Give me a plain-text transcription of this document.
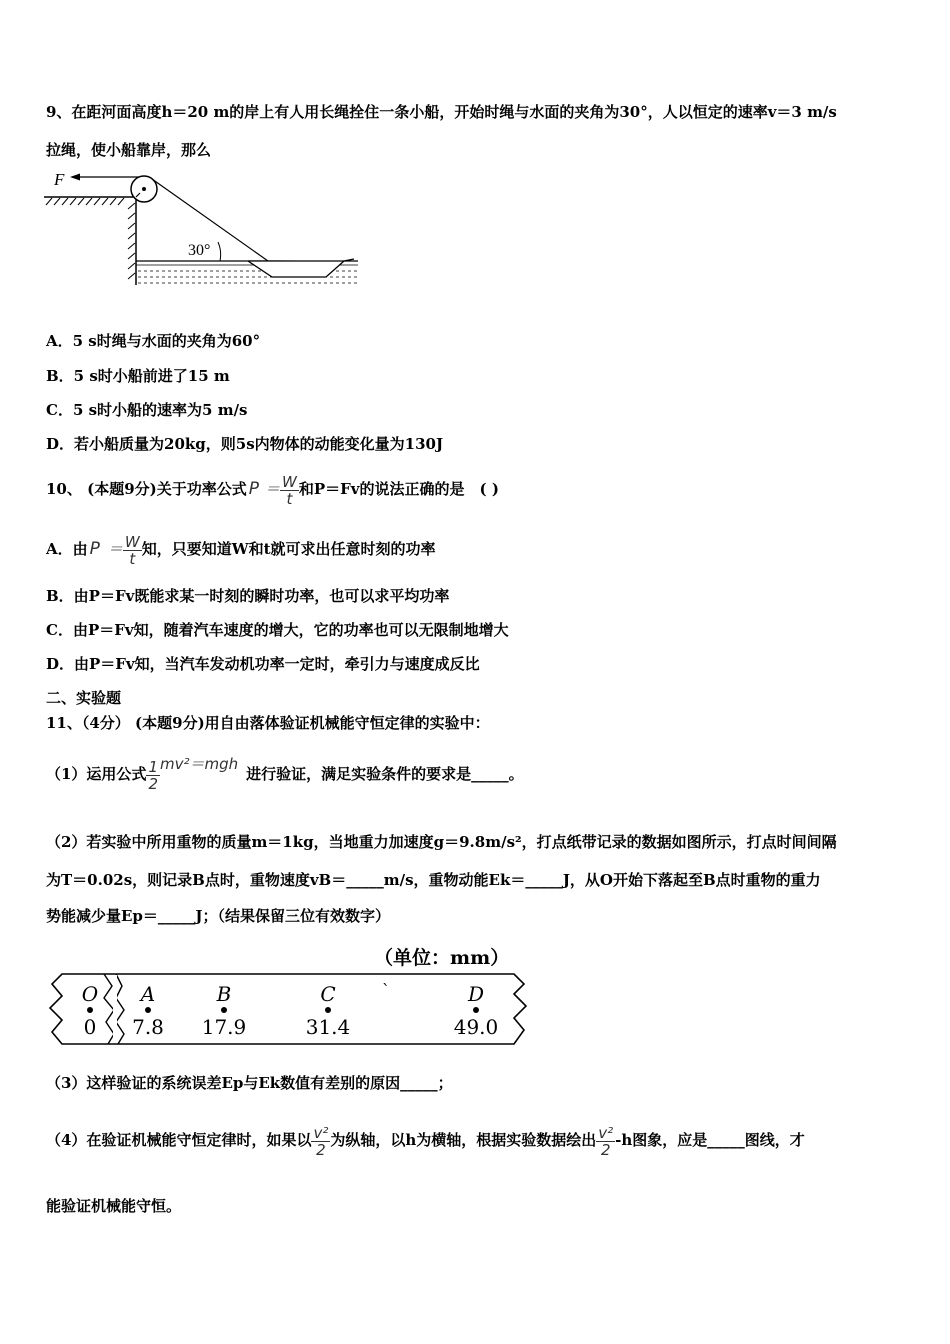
9、在距河面高度h＝20 m的岸上有人用长绳拴住一条小船，开始时绳与水面的夹角为30°，人以恒定的速率v＝3 m/s
拉绳，使小船靠岸，那么
F
30°
A．5 s时绳与水面的夹角为60°
B．5 s时小船前进了15 m
C．5 s时小船的速率为5 m/s
D．若小船质量为20kg，则5s内物体的动能变化量为130J
10、 (本题9分)关于功率公式 $P = \frac{W}{t}$ 和P＝Fv的说法正确的是　( )
A．由 $P = \frac{W}{t}$ 知，只要知道W和t就可求出任意时刻的功率
B．由P＝Fv既能求某一时刻的瞬时功率，也可以求平均功率
C．由P＝Fv知，随着汽车速度的增大，它的功率也可以无限制地增大
D．由P＝Fv知，当汽车发动机功率一定时，牵引力与速度成反比
二、实验题
11、（4分） (本题9分)用自由落体验证机械能守恒定律的实验中：
（1）运用公式 $\frac{1}{2} mv^2=mgh$进行验证，满足实验条件的要求是_____。
（2）若实验中所用重物的质量m＝1kg，当地重力加速度g＝9.8m/s²，打点纸带记录的数据如图所示，打点时间间隔
为T＝0.02s，则记录B点时，重物速度vB＝_____m/s，重物动能Ek＝_____J，从O开始下落起至B点时重物的重力
势能减少量Ep＝_____J；（结果保留三位有效数字）
（单位：mm）
O
0
A
7.8
B
17.9
C
31.4
D
49.0
`
（3）这样验证的系统误差Ep与Ek数值有差别的原因_____；
（4）在验证机械能守恒定律时，如果以 $\frac{\text{v²}}{2}$ 为纵轴，以h为横轴，根据实验数据绘出 $\frac{\text{v²}}{2} -h$图象，应是_____图线，才
能验证机械能守恒。
